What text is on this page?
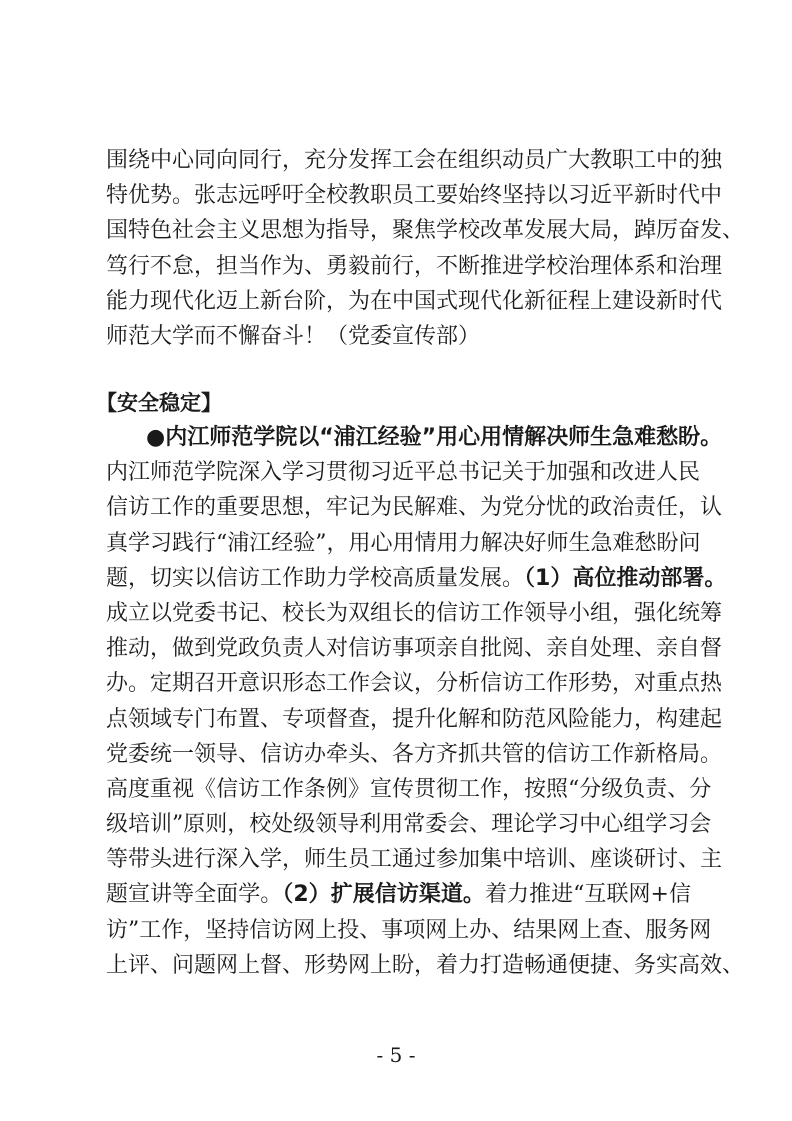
围绕中心同向同行，充分发挥工会在组织动员广大教职工中的独
特优势。张志远呼吁全校教职员工要始终坚持以习近平新时代中
国特色社会主义思想为指导，聚焦学校改革发展大局，踔厉奋发、
笃行不怠，担当作为、勇毅前行，不断推进学校治理体系和治理
能力现代化迈上新台阶，为在中国式现代化新征程上建设新时代
师范大学而不懈奋斗！（党委宣传部）
【安全稳定】
●内江师范学院以“浦江经验”用心用情解决师生急难愁盼。
内江师范学院深入学习贯彻习近平总书记关于加强和改进人民
信访工作的重要思想，牢记为民解难、为党分忧的政治责任，认
真学习践行“浦江经验”，用心用情用力解决好师生急难愁盼问
题，切实以信访工作助力学校高质量发展。（1）高位推动部署。
成立以党委书记、校长为双组长的信访工作领导小组，强化统筹
推动，做到党政负责人对信访事项亲自批阅、亲自处理、亲自督
办。定期召开意识形态工作会议，分析信访工作形势，对重点热
点领域专门布置、专项督查，提升化解和防范风险能力，构建起
党委统一领导、信访办牵头、各方齐抓共管的信访工作新格局。
高度重视《信访工作条例》宣传贯彻工作，按照“分级负责、分
级培训”原则，校处级领导利用常委会、理论学习中心组学习会
等带头进行深入学，师生员工通过参加集中培训、座谈研讨、主
题宣讲等全面学。（2）扩展信访渠道。着力推进“互联网+信
访”工作，坚持信访网上投、事项网上办、结果网上查、服务网
上评、问题网上督、形势网上盼，着力打造畅通便捷、务实高效、
- 5 -
